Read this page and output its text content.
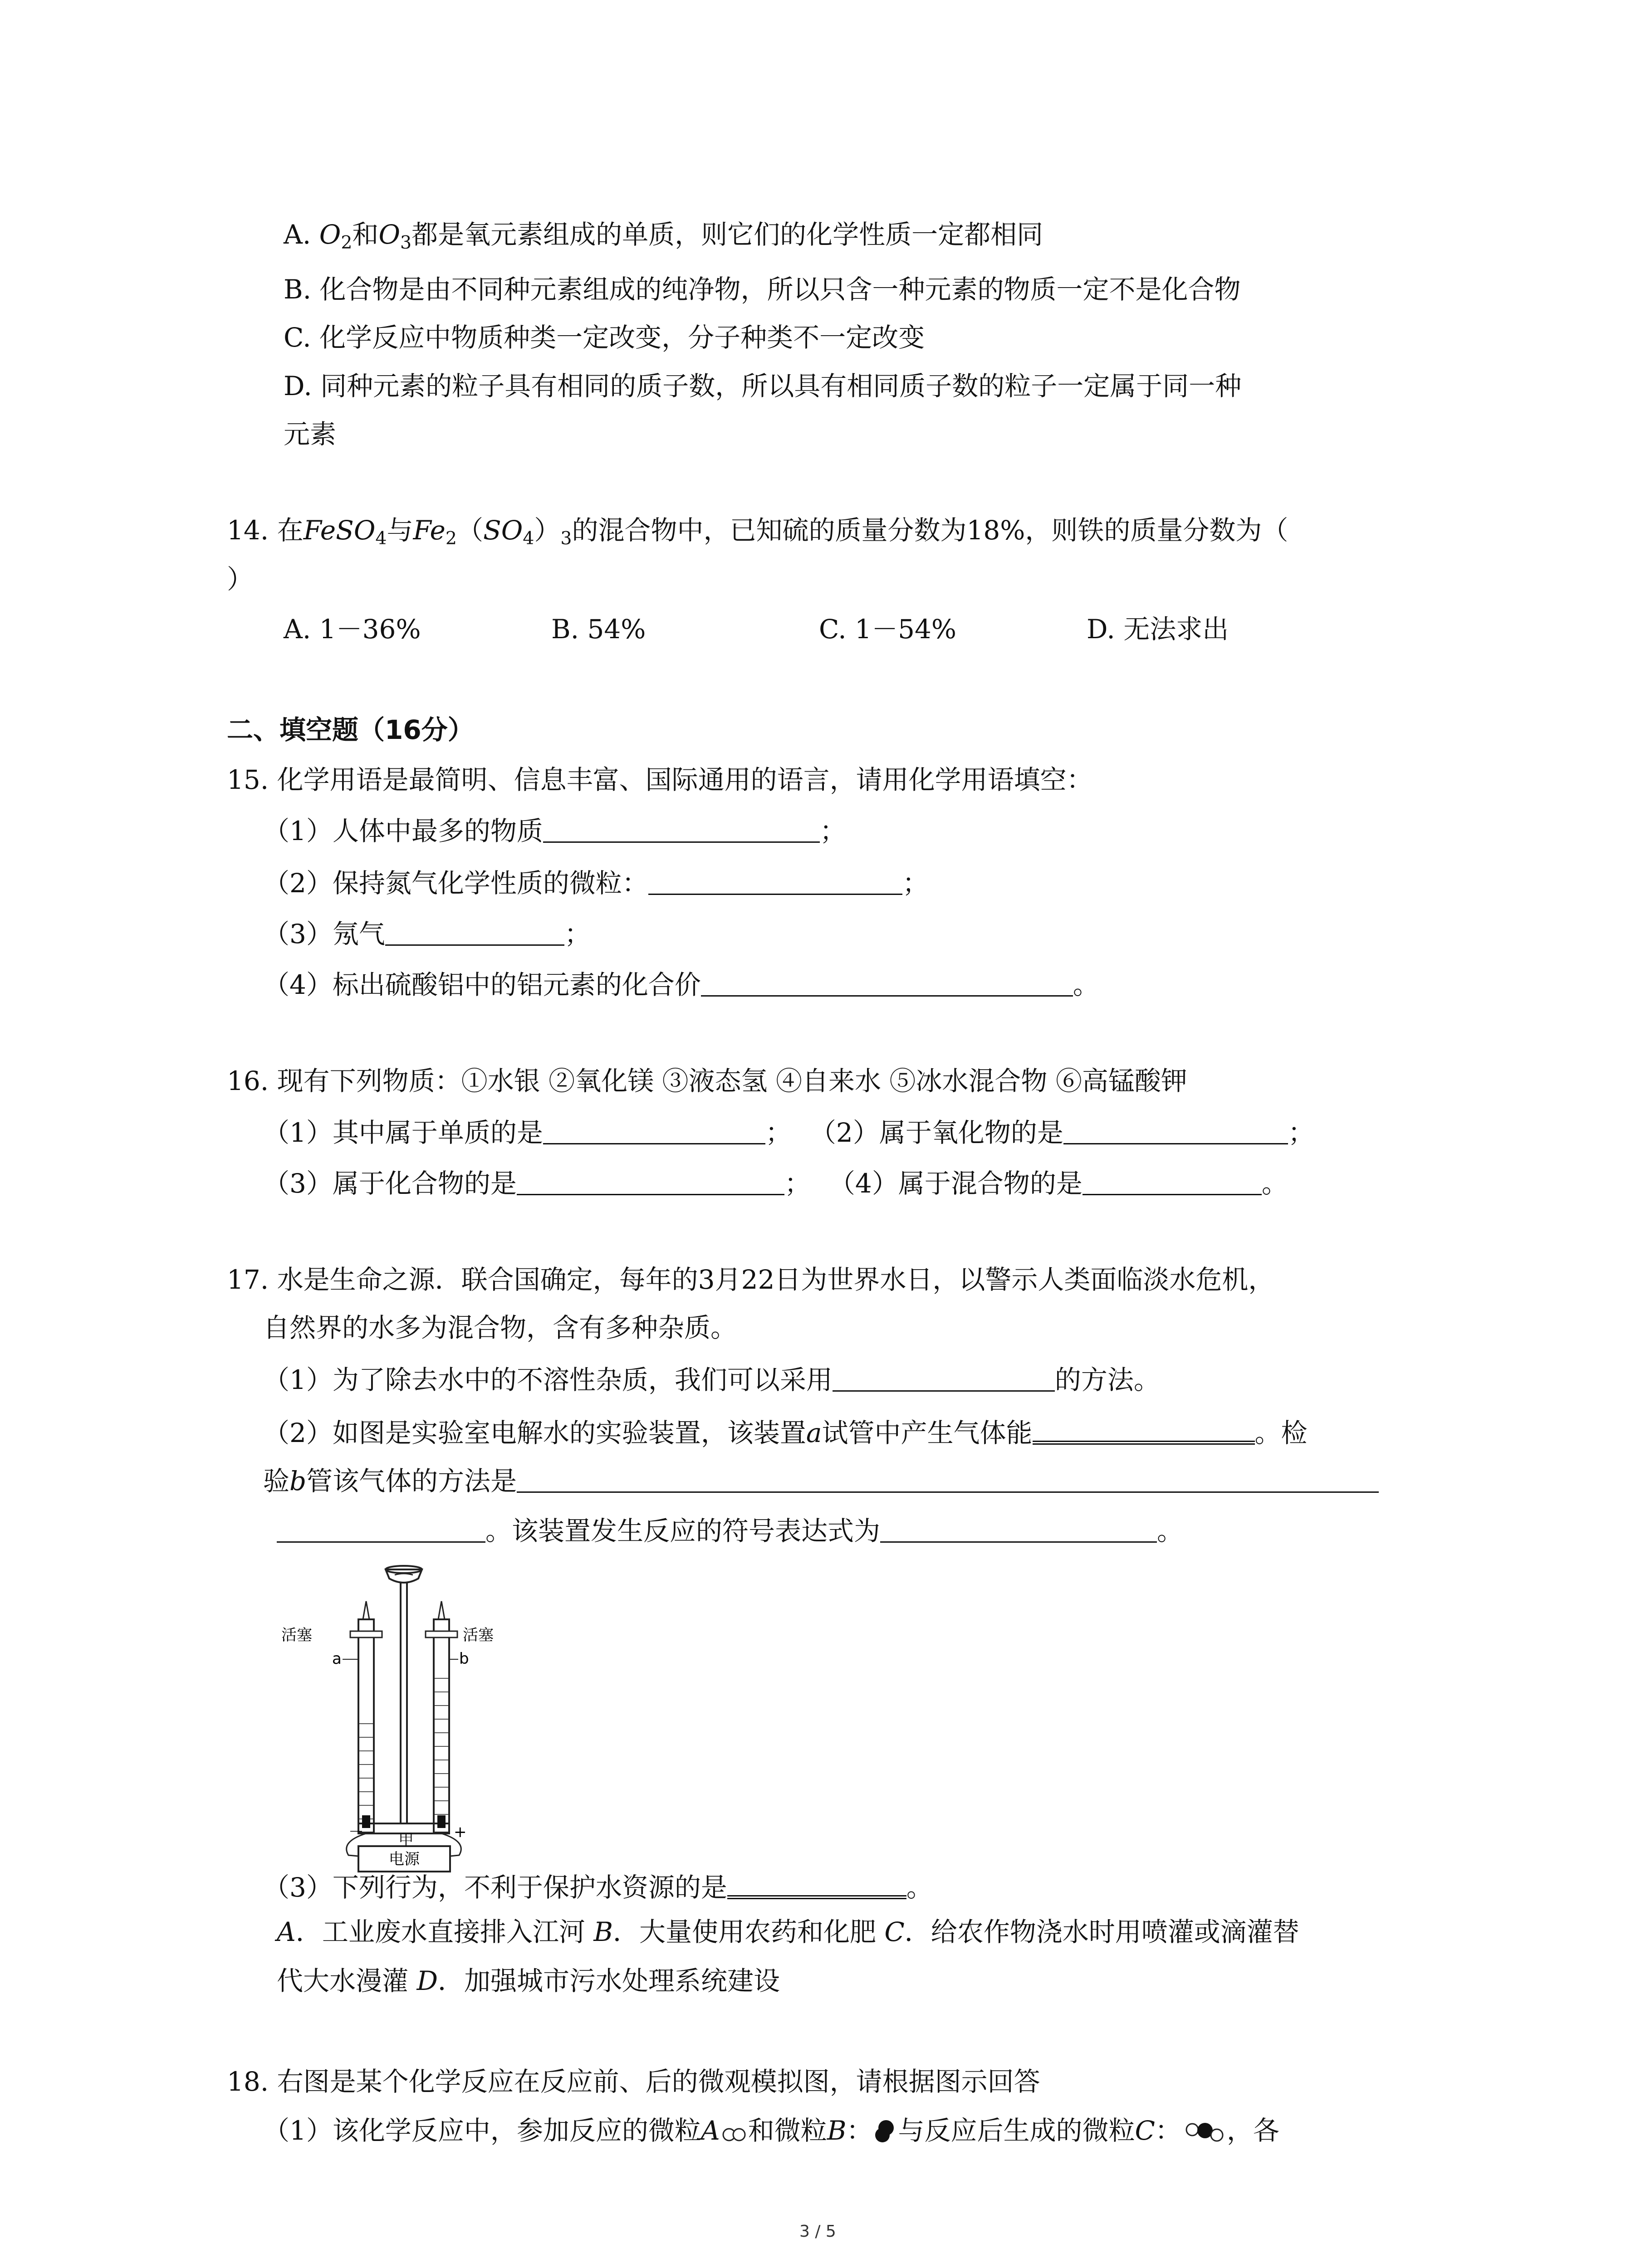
A. $O_2$和$O_3$都是氧元素组成的单质，则它们的化学性质一定都相同
B. 化合物是由不同种元素组成的纯净物，所以只含一种元素的物质一定不是化合物
C. 化学反应中物质种类一定改变，分子种类不一定改变
D. 同种元素的粒子具有相同的质子数，所以具有相同质子数的粒子一定属于同一种
元素
14. 在FeSO$_4$与$Fe_2(SO_4)_3$的混合物中，已知硫的质量分数为18%，则铁的质量分数为（
）
A. 1－36%	B. 54%	C. 1－54%	D. 无法求出
二、填空题（16分）
15. 化学用语是最简明、信息丰富、国际通用的语言，请用化学用语填空：
（1）人体中最多的物质	；
（2）保持氮气化学性质的微粒：	；
（3）氖气	；
（4）标出硫酸铝中的铝元素的化合价	。
16. 现有下列物质：①水银 ②氧化镁 ③液态氢 ④自来水 ⑤冰水混合物 ⑥高锰酸钾
（1）其中属于单质的是	； （2）属于氧化物的是	；
（3）属于化合物的是	； （4）属于混合物的是	。
17. 水是生命之源．联合国确定，每年的3月22日为世界水日，以警示人类面临淡水危机，
自然界的水多为混合物，含有多种杂质。
（1）为了除去水中的不溶性杂质，我们可以采用	的方法。
（2）如图是实验室电解水的实验装置，该装置a试管中产生气体能	。检
验b管该气体的方法是
。该装置发生反应的符号表达式为	。
电源
活塞	活塞
a	b
－	+
甲
（3）下列行为，不利于保护水资源的是	。
A．工业废水直接排入江河 B．大量使用农药和化肥 C．给农作物浇水时用喷灌或滴灌替
代大水漫灌 D．加强城市污水处理系统建设
18. 右图是某个化学反应在反应前、后的微观模拟图，请根据图示回答
（1）该化学反应中，参加反应的微粒A 和微粒B： 与反应后生成的微粒C： ，各
3 / 5
